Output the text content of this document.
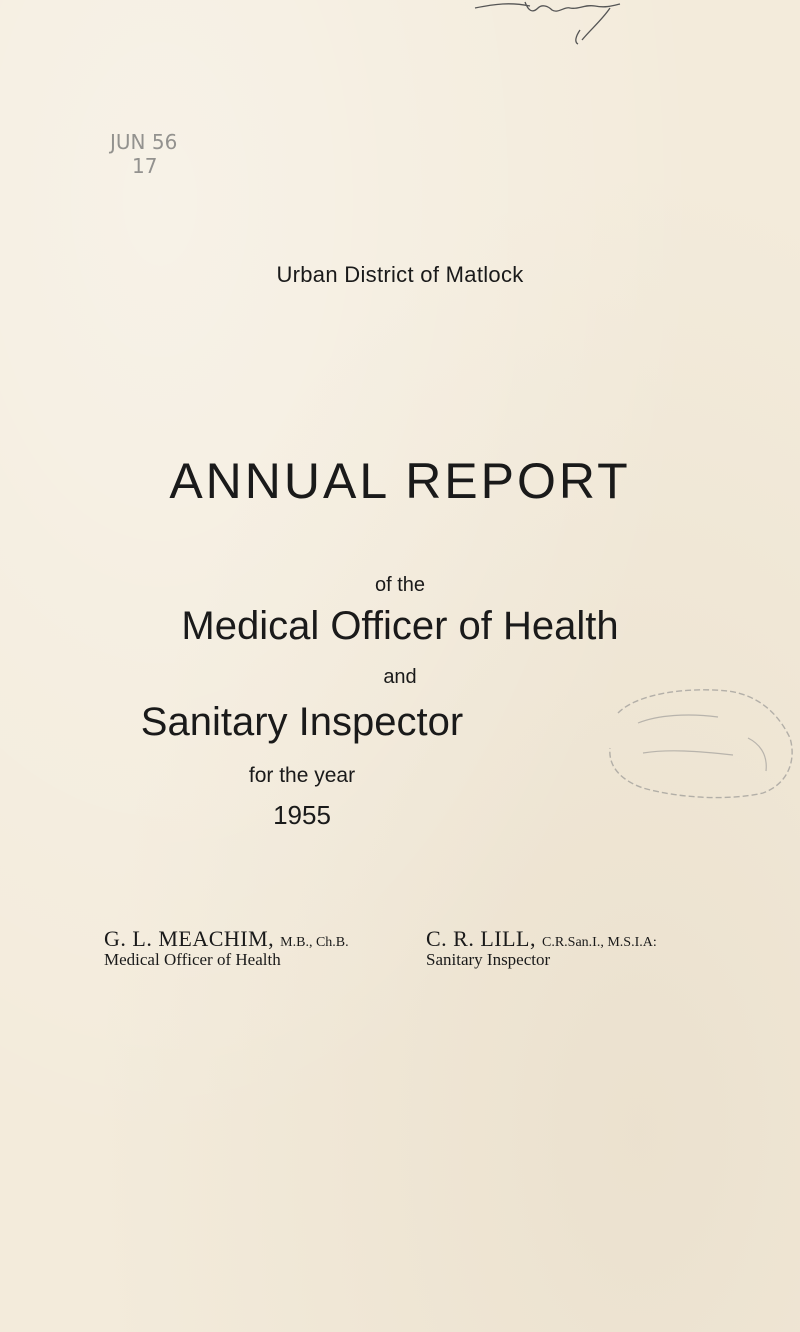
JUN 56
17
Urban District of Matlock
ANNUAL REPORT
of the
Medical Officer of Health
and
Sanitary Inspector
for the year
1955
G. L. MEACHIM, M.B., Ch.B.
Medical Officer of Health
C. R. LILL, C.R.San.I., M.S.I.A:
Sanitary Inspector
